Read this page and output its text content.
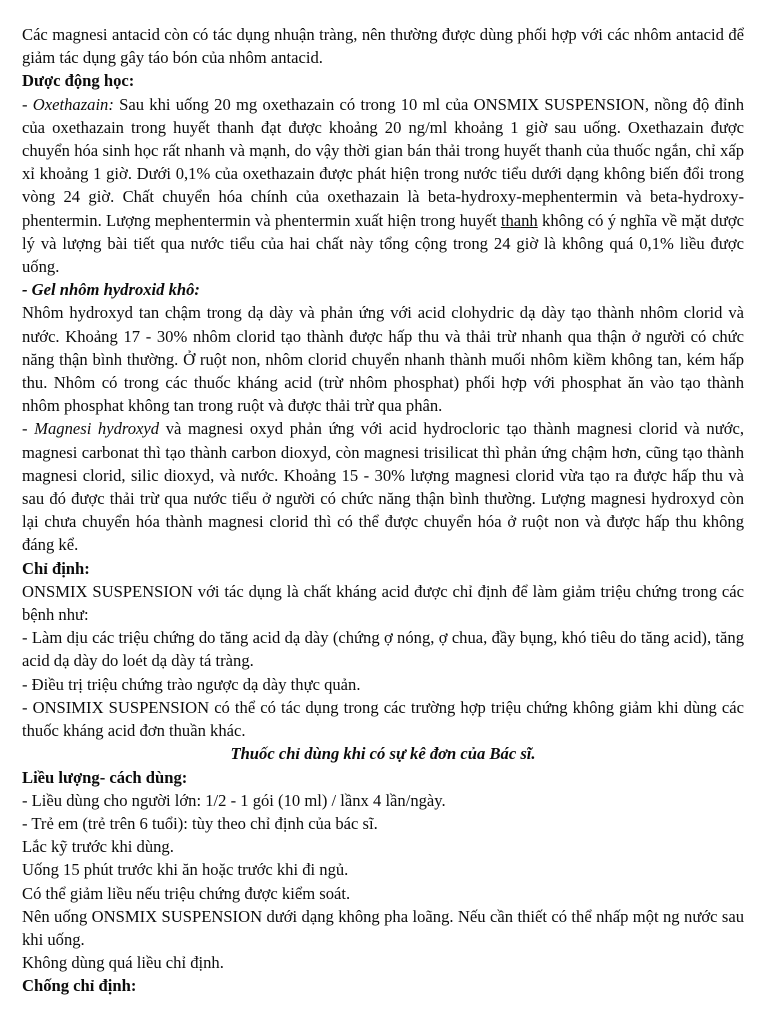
Các magnesi antacid còn có tác dụng nhuận tràng, nên thường được dùng phối hợp với các nhôm antacid để giảm tác dụng gây táo bón của nhôm antacid.

Dược động học:

- Oxethazain: Sau khi uống 20 mg oxethazain có trong 10 ml của ONSMIX SUSPENSION, nồng độ đỉnh của oxethazain trong huyết thanh đạt được khoảng 20 ng/ml khoảng 1 giờ sau uống. Oxethazain được chuyển hóa sinh học rất nhanh và mạnh, do vậy thời gian bán thải trong huyết thanh của thuốc ngắn, chỉ xấp xỉ khoảng 1 giờ. Dưới 0,1% của oxethazain được phát hiện trong nước tiểu dưới dạng không biến đổi trong vòng 24 giờ. Chất chuyển hóa chính của oxethazain là beta-hydroxy-mephentermin và beta-hydroxy-phentermin. Lượng mephentermin và phentermin xuất hiện trong huyết thanh không có ý nghĩa về mặt dược lý và lượng bài tiết qua nước tiểu của hai chất này tổng cộng trong 24 giờ là không quá 0,1% liều được uống.

- Gel nhôm hydroxid khô:

Nhôm hydroxyd tan chậm trong dạ dày và phản ứng với acid clohydric dạ dày tạo thành nhôm clorid và nước. Khoảng 17 - 30% nhôm clorid tạo thành được hấp thu và thải trừ nhanh qua thận ở người có chức năng thận bình thường. Ở ruột non, nhôm clorid chuyển nhanh thành muối nhôm kiềm không tan, kém hấp thu. Nhôm có trong các thuốc kháng acid (trừ nhôm phosphat) phối hợp với phosphat ăn vào tạo thành nhôm phosphat không tan trong ruột và được thải trừ qua phân.

- Magnesi hydroxyd và magnesi oxyd phản ứng với acid hydrocloric tạo thành magnesi clorid và nước, magnesi carbonat thì tạo thành carbon dioxyd, còn magnesi trisilicat thì phản ứng chậm hơn, cũng tạo thành magnesi clorid, silic dioxyd, và nước. Khoảng 15 - 30% lượng magnesi clorid vừa tạo ra được hấp thu và sau đó được thải trừ qua nước tiểu ở người có chức năng thận bình thường. Lượng magnesi hydroxyd còn lại chưa chuyển hóa thành magnesi clorid thì có thể được chuyển hóa ở ruột non và được hấp thu không đáng kể.

Chỉ định:

ONSMIX SUSPENSION với tác dụng là chất kháng acid được chỉ định để làm giảm triệu chứng trong các bệnh như:

- Làm dịu các triệu chứng do tăng acid dạ dày (chứng ợ nóng, ợ chua, đầy bụng, khó tiêu do tăng acid), tăng acid dạ dày do loét dạ dày tá tràng.

- Điều trị triệu chứng trào ngược dạ dày thực quản.

- ONSIMIX SUSPENSION có thể có tác dụng trong các trường hợp triệu chứng không giảm khi dùng các thuốc kháng acid đơn thuần khác.

Thuốc chỉ dùng khi có sự kê đơn của Bác sĩ.

Liều lượng- cách dùng:

- Liều dùng cho người lớn: 1/2 - 1 gói (10 ml) / lầnx 4 lần/ngày.

- Trẻ em (trẻ trên 6 tuổi): tùy theo chỉ định của bác sĩ.

Lắc kỹ trước khi dùng.

Uống 15 phút trước khi ăn hoặc trước khi đi ngủ.

Có thể giảm liều nếu triệu chứng được kiểm soát.

Nên uống ONSMIX SUSPENSION dưới dạng không pha loãng. Nếu cần thiết có thể nhấp một ng nước sau khi uống.

Không dùng quá liều chỉ định.

Chống chỉ định:
